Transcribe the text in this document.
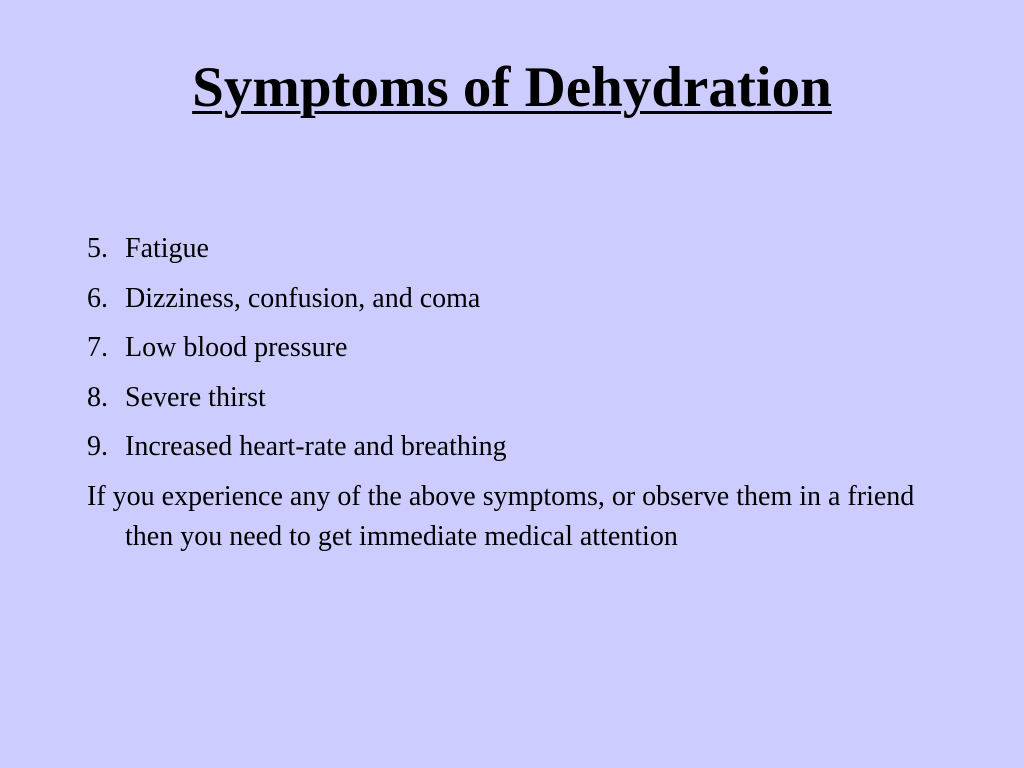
Symptoms of Dehydration
5. Fatigue
6. Dizziness, confusion, and coma
7. Low blood pressure
8. Severe thirst
9. Increased heart-rate and breathing

If you experience any of the above symptoms, or observe them in a friend then you need to get immediate medical attention
